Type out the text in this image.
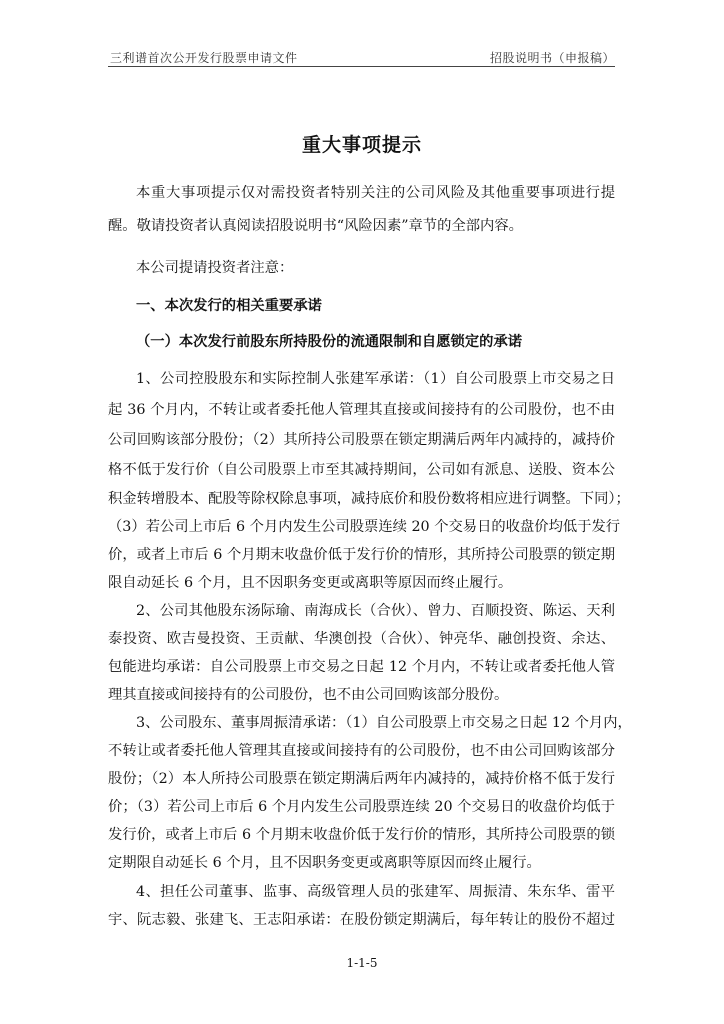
三利谱首次公开发行股票申请文件	招股说明书（申报稿）
重大事项提示
本重大事项提示仅对需投资者特别关注的公司风险及其他重要事项进行提
醒。敬请投资者认真阅读招股说明书“风险因素”章节的全部内容。
本公司提请投资者注意：
一、本次发行的相关重要承诺
（一）本次发行前股东所持股份的流通限制和自愿锁定的承诺
1、公司控股股东和实际控制人张建军承诺：（1）自公司股票上市交易之日
起 36 个月内，不转让或者委托他人管理其直接或间接持有的公司股份，也不由
公司回购该部分股份；（2）其所持公司股票在锁定期满后两年内减持的，减持价
格不低于发行价（自公司股票上市至其减持期间，公司如有派息、送股、资本公
积金转增股本、配股等除权除息事项，减持底价和股份数将相应进行调整。下同）；
（3）若公司上市后 6 个月内发生公司股票连续 20 个交易日的收盘价均低于发行
价，或者上市后 6 个月期末收盘价低于发行价的情形，其所持公司股票的锁定期
限自动延长 6 个月，且不因职务变更或离职等原因而终止履行。
2、公司其他股东汤际瑜、南海成长（合伙）、曾力、百顺投资、陈运、天利
泰投资、欧吉曼投资、王贡献、华澳创投（合伙）、钟亮华、融创投资、余达、
包能进均承诺：自公司股票上市交易之日起 12 个月内，不转让或者委托他人管
理其直接或间接持有的公司股份，也不由公司回购该部分股份。
3、公司股东、董事周振清承诺：（1）自公司股票上市交易之日起 12 个月内，
不转让或者委托他人管理其直接或间接持有的公司股份，也不由公司回购该部分
股份；（2）本人所持公司股票在锁定期满后两年内减持的，减持价格不低于发行
价；（3）若公司上市后 6 个月内发生公司股票连续 20 个交易日的收盘价均低于
发行价，或者上市后 6 个月期末收盘价低于发行价的情形，其所持公司股票的锁
定期限自动延长 6 个月，且不因职务变更或离职等原因而终止履行。
4、担任公司董事、监事、高级管理人员的张建军、周振清、朱东华、雷平
宇、阮志毅、张建飞、王志阳承诺：在股份锁定期满后，每年转让的股份不超过
1-1-5
